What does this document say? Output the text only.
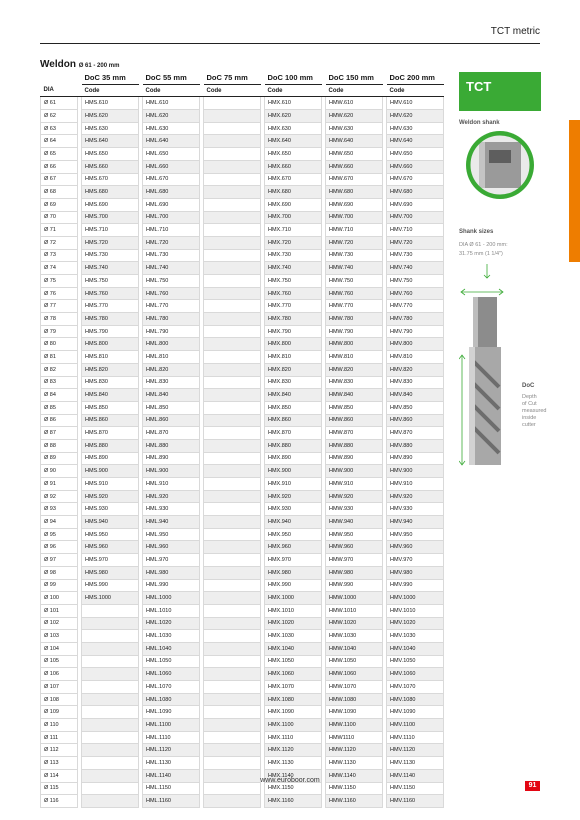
TCT metric
Weldon Ø 61 - 200 mm
		DoC 35 mm		DoC 55 mm		DoC 75 mm		DoC 100 mm		DoC 150 mm		DoC 200 mm
DIA		Code		Code		Code		Code		Code		Code
Ø 61		HMS.610		HML.610				HMX.610		HMW.610		HMV.610
Ø 62		HMS.620		HML.620				HMX.620		HMW.620		HMV.620
Ø 63		HMS.630		HML.630				HMX.630		HMW.630		HMV.630
Ø 64		HMS.640		HML.640				HMX.640		HMW.640		HMV.640
Ø 65		HMS.650		HML.650				HMX.650		HMW.650		HMV.650
Ø 66		HMS.660		HML.660				HMX.660		HMW.660		HMV.660
Ø 67		HMS.670		HML.670				HMX.670		HMW.670		HMV.670
Ø 68		HMS.680		HML.680				HMX.680		HMW.680		HMV.680
Ø 69		HMS.690		HML.690				HMX.690		HMW.690		HMV.690
Ø 70		HMS.700		HML.700				HMX.700		HMW.700		HMV.700
Ø 71		HMS.710		HML.710				HMX.710		HMW.710		HMV.710
Ø 72		HMS.720		HML.720				HMX.720		HMW.720		HMV.720
Ø 73		HMS.730		HML.730				HMX.730		HMW.730		HMV.730
Ø 74		HMS.740		HML.740				HMX.740		HMW.740		HMV.740
Ø 75		HMS.750		HML.750				HMX.750		HMW.750		HMV.750
Ø 76		HMS.760		HML.760				HMX.760		HMW.760		HMV.760
Ø 77		HMS.770		HML.770				HMX.770		HMW.770		HMV.770
Ø 78		HMS.780		HML.780				HMX.780		HMW.780		HMV.780
Ø 79		HMS.790		HML.790				HMX.790		HMW.790		HMV.790
Ø 80		HMS.800		HML.800				HMX.800		HMW.800		HMV.800
Ø 81		HMS.810		HML.810				HMX.810		HMW.810		HMV.810
Ø 82		HMS.820		HML.820				HMX.820		HMW.820		HMV.820
Ø 83		HMS.830		HML.830				HMX.830		HMW.830		HMV.830
Ø 84		HMS.840		HML.840				HMX.840		HMW.840		HMV.840
Ø 85		HMS.850		HML.850				HMX.850		HMW.850		HMV.850
Ø 86		HMS.860		HML.860				HMX.860		HMW.860		HMV.860
Ø 87		HMS.870		HML.870				HMX.870		HMW.870		HMV.870
Ø 88		HMS.880		HML.880				HMX.880		HMW.880		HMV.880
Ø 89		HMS.890		HML.890				HMX.890		HMW.890		HMV.890
Ø 90		HMS.900		HML.900				HMX.900		HMW.900		HMV.900
Ø 91		HMS.910		HML.910				HMX.910		HMW.910		HMV.910
Ø 92		HMS.920		HML.920				HMX.920		HMW.920		HMV.920
Ø 93		HMS.930		HML.930				HMX.930		HMW.930		HMV.930
Ø 94		HMS.940		HML.940				HMX.940		HMW.940		HMV.940
Ø 95		HMS.950		HML.950				HMX.950		HMW.950		HMV.950
Ø 96		HMS.960		HML.960				HMX.960		HMW.960		HMV.960
Ø 97		HMS.970		HML.970				HMX.970		HMW.970		HMV.970
Ø 98		HMS.980		HML.980				HMX.980		HMW.980		HMV.980
Ø 99		HMS.990		HML.990				HMX.990		HMW.990		HMV.990
Ø 100		HMS.1000		HML.1000				HMX.1000		HMW.1000		HMV.1000
Ø 101				HML.1010				HMX.1010		HMW.1010		HMV.1010
Ø 102				HML.1020				HMX.1020		HMW.1020		HMV.1020
Ø 103				HML.1030				HMX.1030		HMW.1030		HMV.1030
Ø 104				HML.1040				HMX.1040		HMW.1040		HMV.1040
Ø 105				HML.1050				HMX.1050		HMW.1050		HMV.1050
Ø 106				HML.1060				HMX.1060		HMW.1060		HMV.1060
Ø 107				HML.1070				HMX.1070		HMW.1070		HMV.1070
Ø 108				HML.1080				HMX.1080		HMW.1080		HMV.1080
Ø 109				HML.1090				HMX.1090		HMW.1090		HMV.1090
Ø 110				HML.1100				HMX.1100		HMW.1100		HMV.1100
Ø 111				HML.1110				HMX.1110		HMW1110		HMV.1110
Ø 112				HML.1120				HMX.1120		HMW.1120		HMV.1120
Ø 113				HML.1130				HMX.1130		HMW.1130		HMV.1130
Ø 114				HML.1140				HMX.1140		HMW.1140		HMV.1140
Ø 115				HML.1150				HMX.1150		HMW.1150		HMV.1150
Ø 116				HML.1160				HMX.1160		HMW.1160		HMV.1160
TCT
Weldon shank
Shank sizes
DIA Ø 61 - 200 mm:
31.75 mm (1 1/4")
DoC
Depth
of Cut
measured
inside
cutter
www.euroboor.com
91
